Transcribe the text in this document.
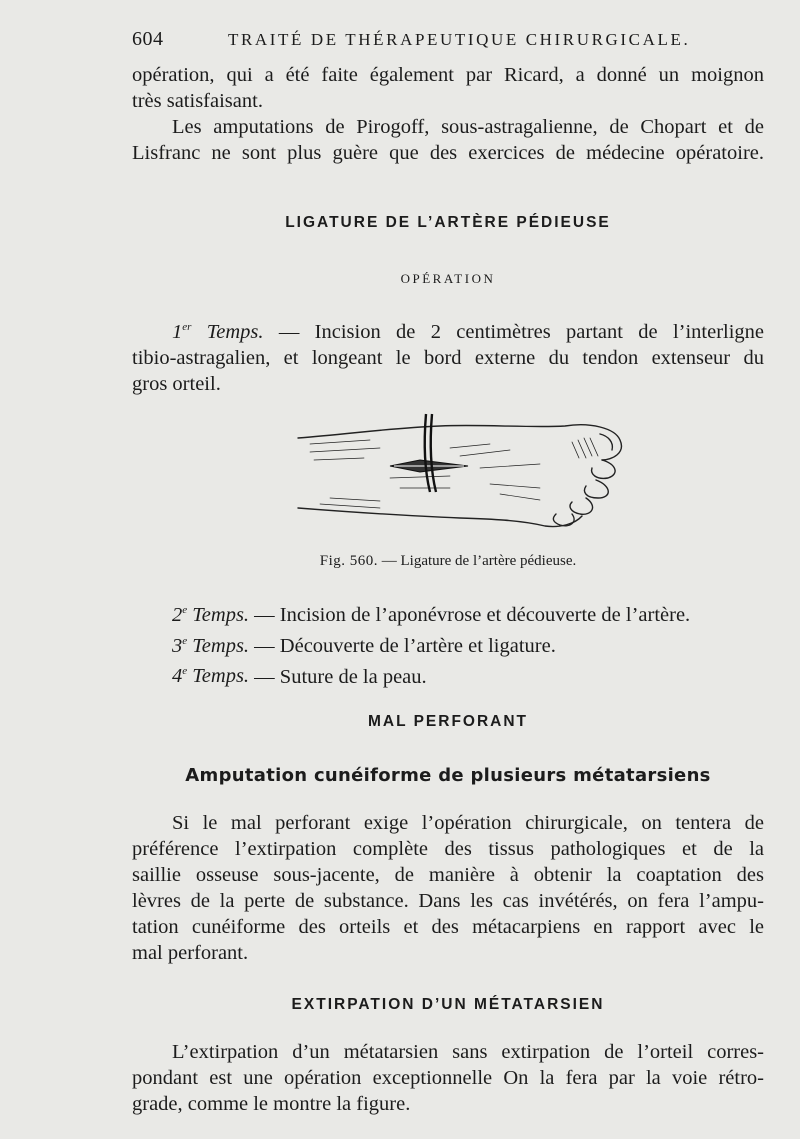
604	TRAITÉ DE THÉRAPEUTIQUE CHIRURGICALE.
opération, qui a été faite également par Ricard, a donné un moignon
très satisfaisant.
Les amputations de Pirogoff, sous-astragalienne, de Chopart et de
Lisfranc ne sont plus guère que des exercices de médecine opératoire.
LIGATURE DE L’ARTÈRE PÉDIEUSE
OPÉRATION
1er Temps. — Incision de 2 centimètres partant de l’interligne
tibio-astragalien, et longeant le bord externe du tendon extenseur du
gros orteil.
Fig. 560. — Ligature de l’artère pédieuse.
2e Temps. — Incision de l’aponévrose et découverte de l’artère.
3e Temps. — Découverte de l’artère et ligature.
4e Temps. — Suture de la peau.
MAL PERFORANT
Amputation cunéiforme de plusieurs métatarsiens
Si le mal perforant exige l’opération chirurgicale, on tentera de
préférence l’extirpation complète des tissus pathologiques et de la
saillie osseuse sous-jacente, de manière à obtenir la coaptation des
lèvres de la perte de substance. Dans les cas invétérés, on fera l’ampu-
tation cunéiforme des orteils et des métacarpiens en rapport avec le
mal perforant.
EXTIRPATION D’UN MÉTATARSIEN
L’extirpation d’un métatarsien sans extirpation de l’orteil corres-
pondant est une opération exceptionnelle On la fera par la voie rétro-
grade, comme le montre la figure.
